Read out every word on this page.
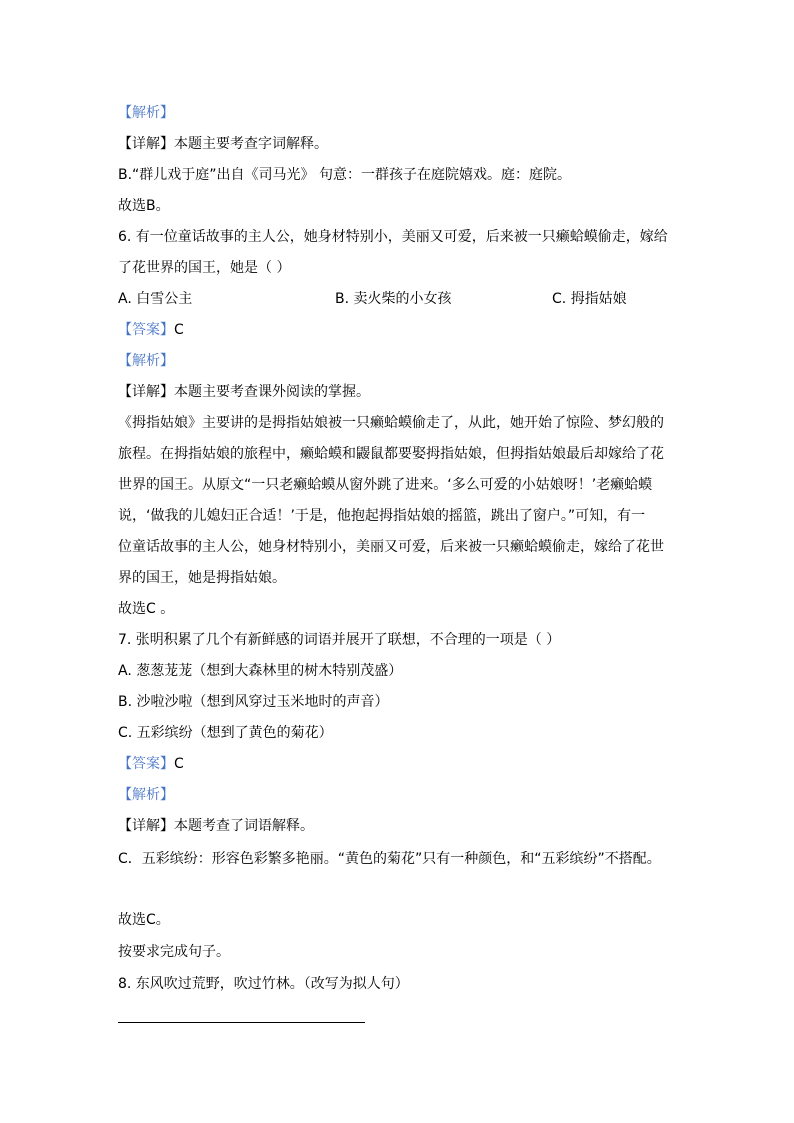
【解析】
【详解】本题主要考查字词解释。
B.“群儿戏于庭”出自《司马光》 句意：一群孩子在庭院嬉戏。庭：庭院。
故选B。
6. 有一位童话故事的主人公，她身材特别小，美丽又可爱，后来被一只癞蛤蟆偷走，嫁给
了花世界的国王，她是（ ）
A. 白雪公主	B. 卖火柴的小女孩	C. 拇指姑娘
【答案】C
【解析】
【详解】本题主要考查课外阅读的掌握。
《拇指姑娘》主要讲的是拇指姑娘被一只癞蛤蟆偷走了，从此，她开始了惊险、梦幻般的
旅程。在拇指姑娘的旅程中，癞蛤蟆和鼹鼠都要娶拇指姑娘，但拇指姑娘最后却嫁给了花
世界的国王。从原文“一只老癞蛤蟆从窗外跳了进来。‘多么可爱的小姑娘呀！’老癞蛤蟆
说，‘做我的儿媳妇正合适！’于是，他抱起拇指姑娘的摇篮，跳出了窗户。”可知，有一
位童话故事的主人公，她身材特别小，美丽又可爱，后来被一只癞蛤蟆偷走，嫁给了花世
界的国王，她是拇指姑娘。
故选C 。
7. 张明积累了几个有新鲜感的词语并展开了联想，不合理的一项是（ ）
A. 葱葱茏茏（想到大森林里的树木特别茂盛）
B. 沙啦沙啦（想到风穿过玉米地时的声音）
C. 五彩缤纷（想到了黄色的菊花）
【答案】C
【解析】
【详解】本题考查了词语解释。
C．五彩缤纷：形容色彩繁多艳丽。“黄色的菊花”只有一种颜色，和“五彩缤纷”不搭配。
故选C。
按要求完成句子。
8. 东风吹过荒野，吹过竹林。（改写为拟人句）
